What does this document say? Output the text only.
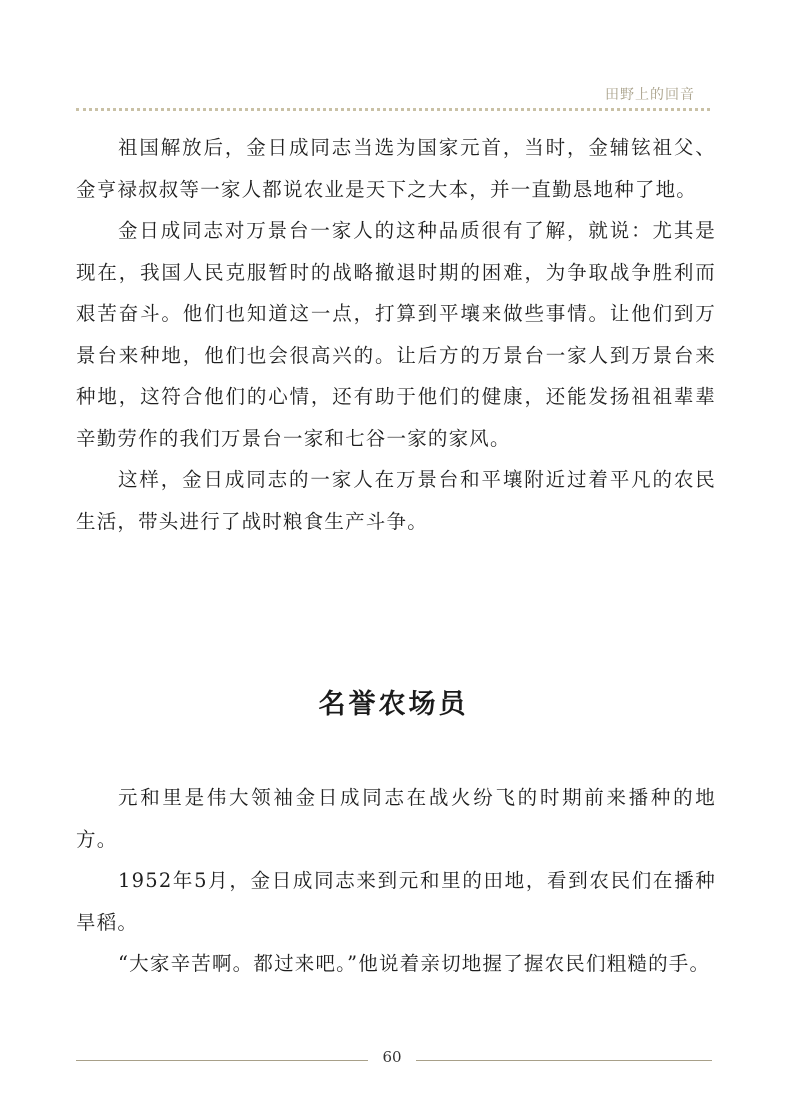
田野上的回音

祖国解放后，金日成同志当选为国家元首，当时，金辅铉祖父、金亨禄叔叔等一家人都说农业是天下之大本，并一直勤恳地种了地。

金日成同志对万景台一家人的这种品质很有了解，就说：尤其是现在，我国人民克服暂时的战略撤退时期的困难，为争取战争胜利而艰苦奋斗。他们也知道这一点，打算到平壤来做些事情。让他们到万景台来种地，他们也会很高兴的。让后方的万景台一家人到万景台来种地，这符合他们的心情，还有助于他们的健康，还能发扬祖祖辈辈辛勤劳作的我们万景台一家和七谷一家的家风。

这样，金日成同志的一家人在万景台和平壤附近过着平凡的农民生活，带头进行了战时粮食生产斗争。

名誉农场员

元和里是伟大领袖金日成同志在战火纷飞的时期前来播种的地方。

1952年5月，金日成同志来到元和里的田地，看到农民们在播种旱稻。

“大家辛苦啊。都过来吧。”他说着亲切地握了握农民们粗糙的手。

60
